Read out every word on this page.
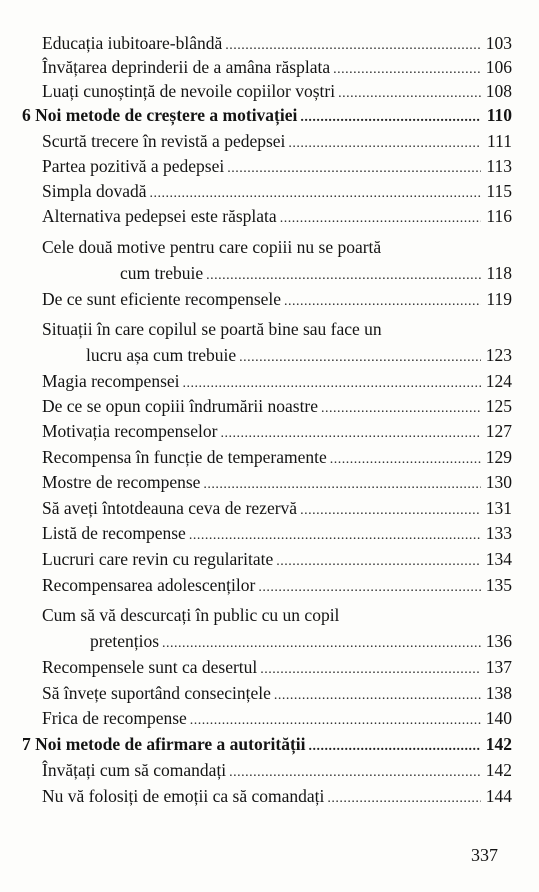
Educația iubitoare-blândă .....	103
Învățarea deprinderii de a amâna răsplata .....	106
Luați cunoștință de nevoile copiilor voștri .....	108
6 Noi metode de creștere a motivației .....	110
Scurtă trecere în revistă a pedepsei .....	111
Partea pozitivă a pedepsei .....	113
Simpla dovadă .....	115
Alternativa pedepsei este răsplata .....	116
Cele două motive pentru care copiii nu se poartă
cum trebuie .....	118
De ce sunt eficiente recompensele .....	119
Situații în care copilul se poartă bine sau face un
lucru așa cum trebuie .....	123
Magia recompensei .....	124
De ce se opun copiii îndrumării noastre .....	125
Motivația recompenselor .....	127
Recompensa în funcție de temperamente .....	129
Mostre de recompense .....	130
Să aveți întotdeauna ceva de rezervă .....	131
Listă de recompense .....	133
Lucruri care revin cu regularitate .....	134
Recompensarea adolescenților .....	135
Cum să vă descurcați în public cu un copil
pretențios .....	136
Recompensele sunt ca desertul .....	137
Să învețe suportând consecințele .....	138
Frica de recompense .....	140
7 Noi metode de afirmare a autorității .....	142
Învățați cum să comandați .....	142
Nu vă folosiți de emoții ca să comandați .....	144
337
